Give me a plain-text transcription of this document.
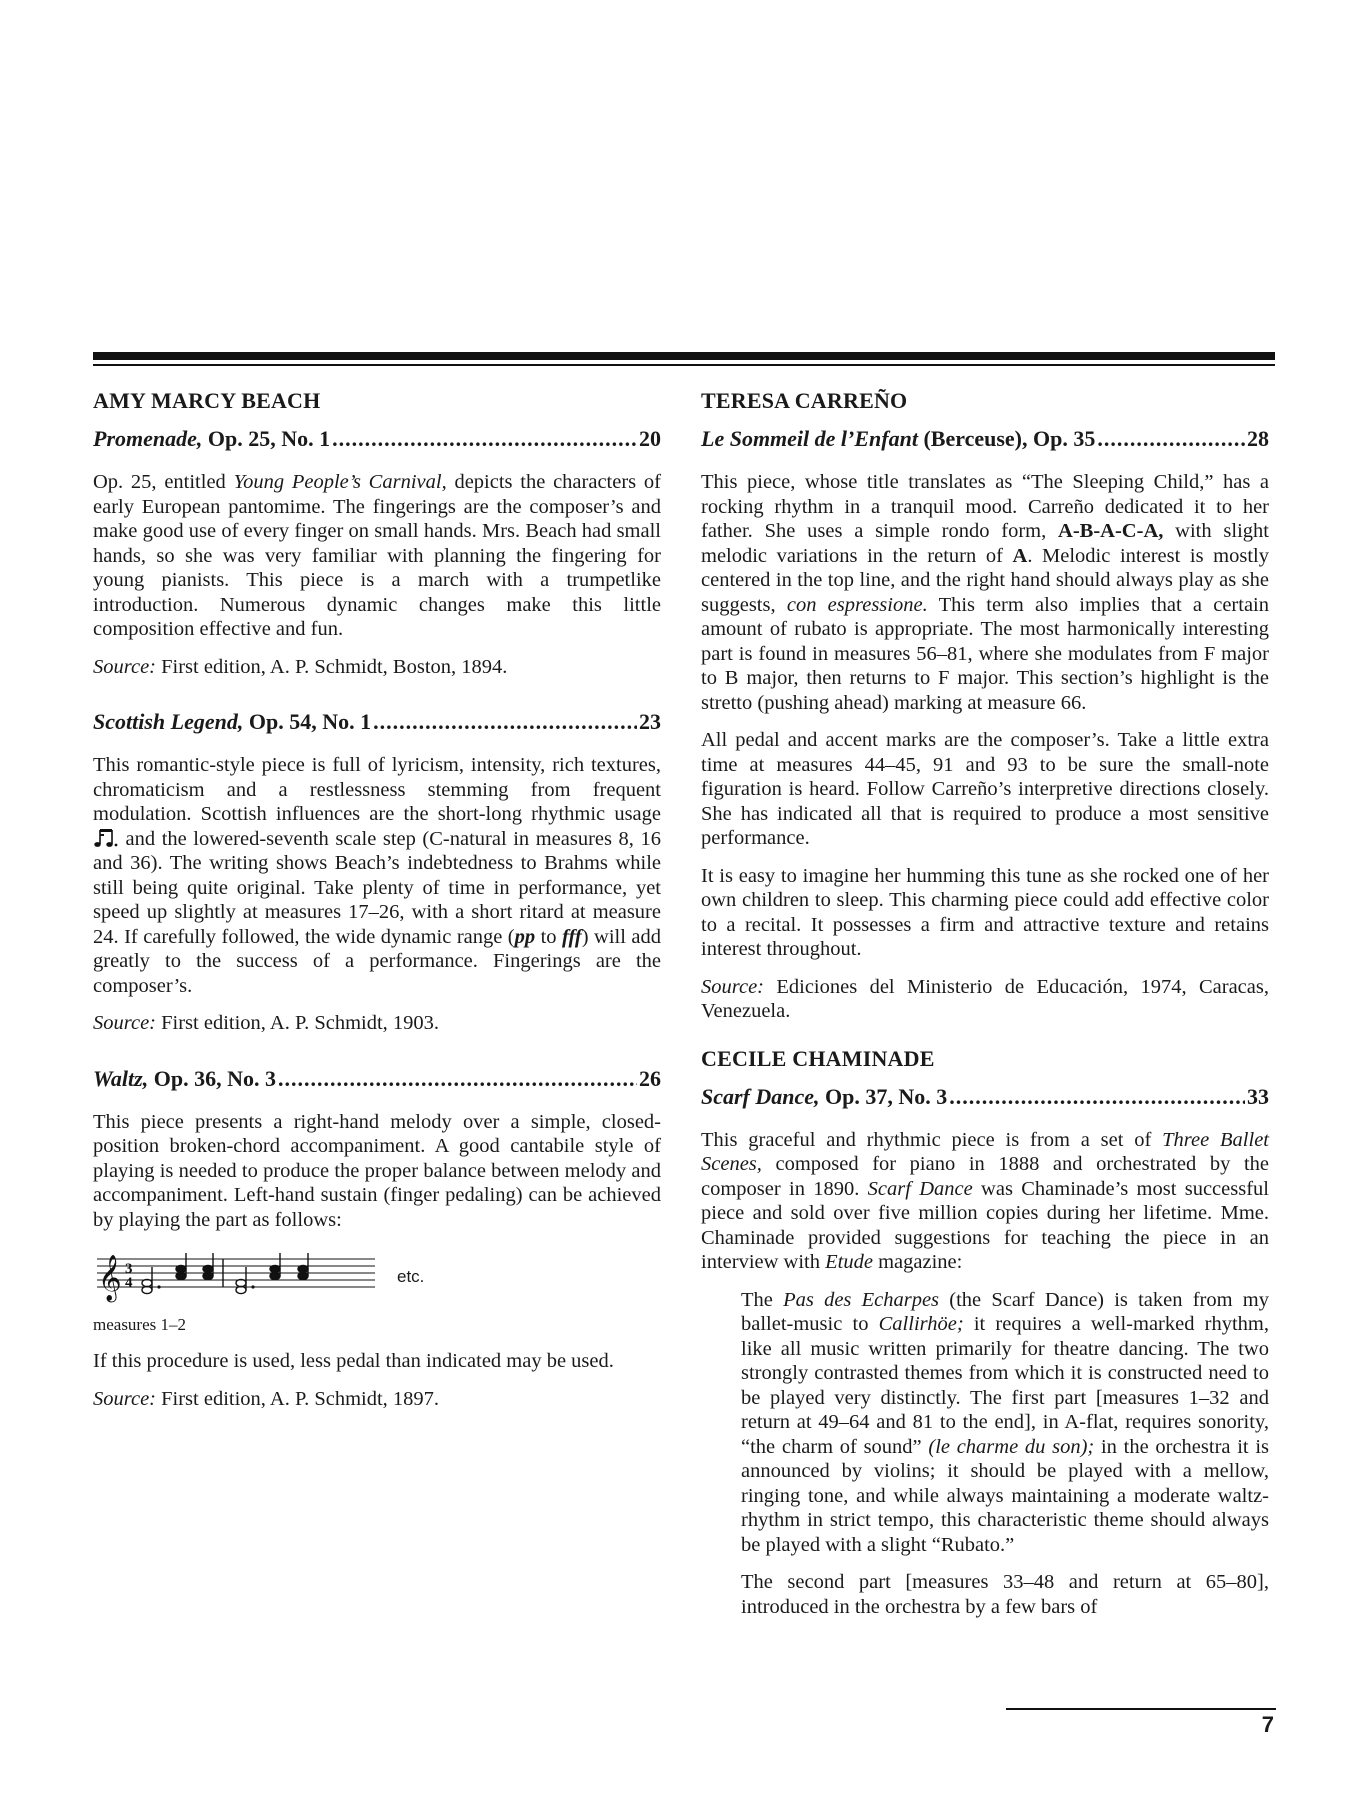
AMY MARCY BEACH
Promenade, Op. 25, No. 1 .....	20

Op. 25, entitled Young People’s Carnival, depicts the characters of early European pantomime. The fingerings are the composer’s and make good use of every finger on small hands. Mrs. Beach had small hands, so she was very familiar with planning the fingering for young pianists. This piece is a march with a trumpetlike introduction. Numerous dynamic changes make this little composition effective and fun.

Source: First edition, A. P. Schmidt, Boston, 1894.

Scottish Legend, Op. 54, No. 1 .....	23

This romantic-style piece is full of lyricism, intensity, rich textures, chromaticism and a restlessness stemming from frequent modulation. Scottish influences are the short-long rhythmic usage  and the lowered-seventh scale step (C-natural in measures 8, 16 and 36). The writing shows Beach’s indebtedness to Brahms while still being quite original. Take plenty of time in performance, yet speed up slightly at measures 17–26, with a short ritard at measure 24. If carefully followed, the wide dynamic range (pp to fff) will add greatly to the success of a performance. Fingerings are the composer’s.

Source: First edition, A. P. Schmidt, 1903.

Waltz, Op. 36, No. 3 .....	26

This piece presents a right-hand melody over a simple, closed-position broken-chord accompaniment. A good cantabile style of playing is needed to produce the proper balance between melody and accompaniment. Left-hand sustain (finger pedaling) can be achieved by playing the part as follows:

𝄞 3
4	etc.
measures 1–2

If this procedure is used, less pedal than indicated may be used.

Source: First edition, A. P. Schmidt, 1897.

TERESA CARREÑO
Le Sommeil de l’Enfant (Berceuse), Op. 35 .....	28

This piece, whose title translates as “The Sleeping Child,” has a rocking rhythm in a tranquil mood. Carreño dedicated it to her father. She uses a simple rondo form, A-B-A-C-A, with slight melodic variations in the return of A. Melodic interest is mostly centered in the top line, and the right hand should always play as she suggests, con espressione. This term also implies that a certain amount of rubato is appropriate. The most harmonically interesting part is found in measures 56–81, where she modulates from F major to B major, then returns to F major. This section’s highlight is the stretto (pushing ahead) marking at measure 66.

All pedal and accent marks are the composer’s. Take a little extra time at measures 44–45, 91 and 93 to be sure the small-note figuration is heard. Follow Carreño’s interpretive directions closely. She has indicated all that is required to produce a most sensitive performance.

It is easy to imagine her humming this tune as she rocked one of her own children to sleep. This charming piece could add effective color to a recital. It possesses a firm and attractive texture and retains interest throughout.

Source: Ediciones del Ministerio de Educación, 1974, Caracas, Venezuela.

CECILE CHAMINADE
Scarf Dance, Op. 37, No. 3 .....	33

This graceful and rhythmic piece is from a set of Three Ballet Scenes, composed for piano in 1888 and orchestrated by the composer in 1890. Scarf Dance was Chaminade’s most successful piece and sold over five million copies during her lifetime. Mme. Chaminade provided suggestions for teaching the piece in an interview with Etude magazine:

The Pas des Echarpes (the Scarf Dance) is taken from my ballet-music to Callirhöe; it requires a well-marked rhythm, like all music written primarily for theatre dancing. The two strongly contrasted themes from which it is constructed need to be played very distinctly. The first part [measures 1–32 and return at 49–64 and 81 to the end], in A-flat, requires sonority, “the charm of sound” (le charme du son); in the orchestra it is announced by violins; it should be played with a mellow, ringing tone, and while always maintaining a moderate waltz-rhythm in strict tempo, this characteristic theme should always be played with a slight “Rubato.”

The second part [measures 33–48 and return at 65–80], introduced in the orchestra by a few bars of

7
